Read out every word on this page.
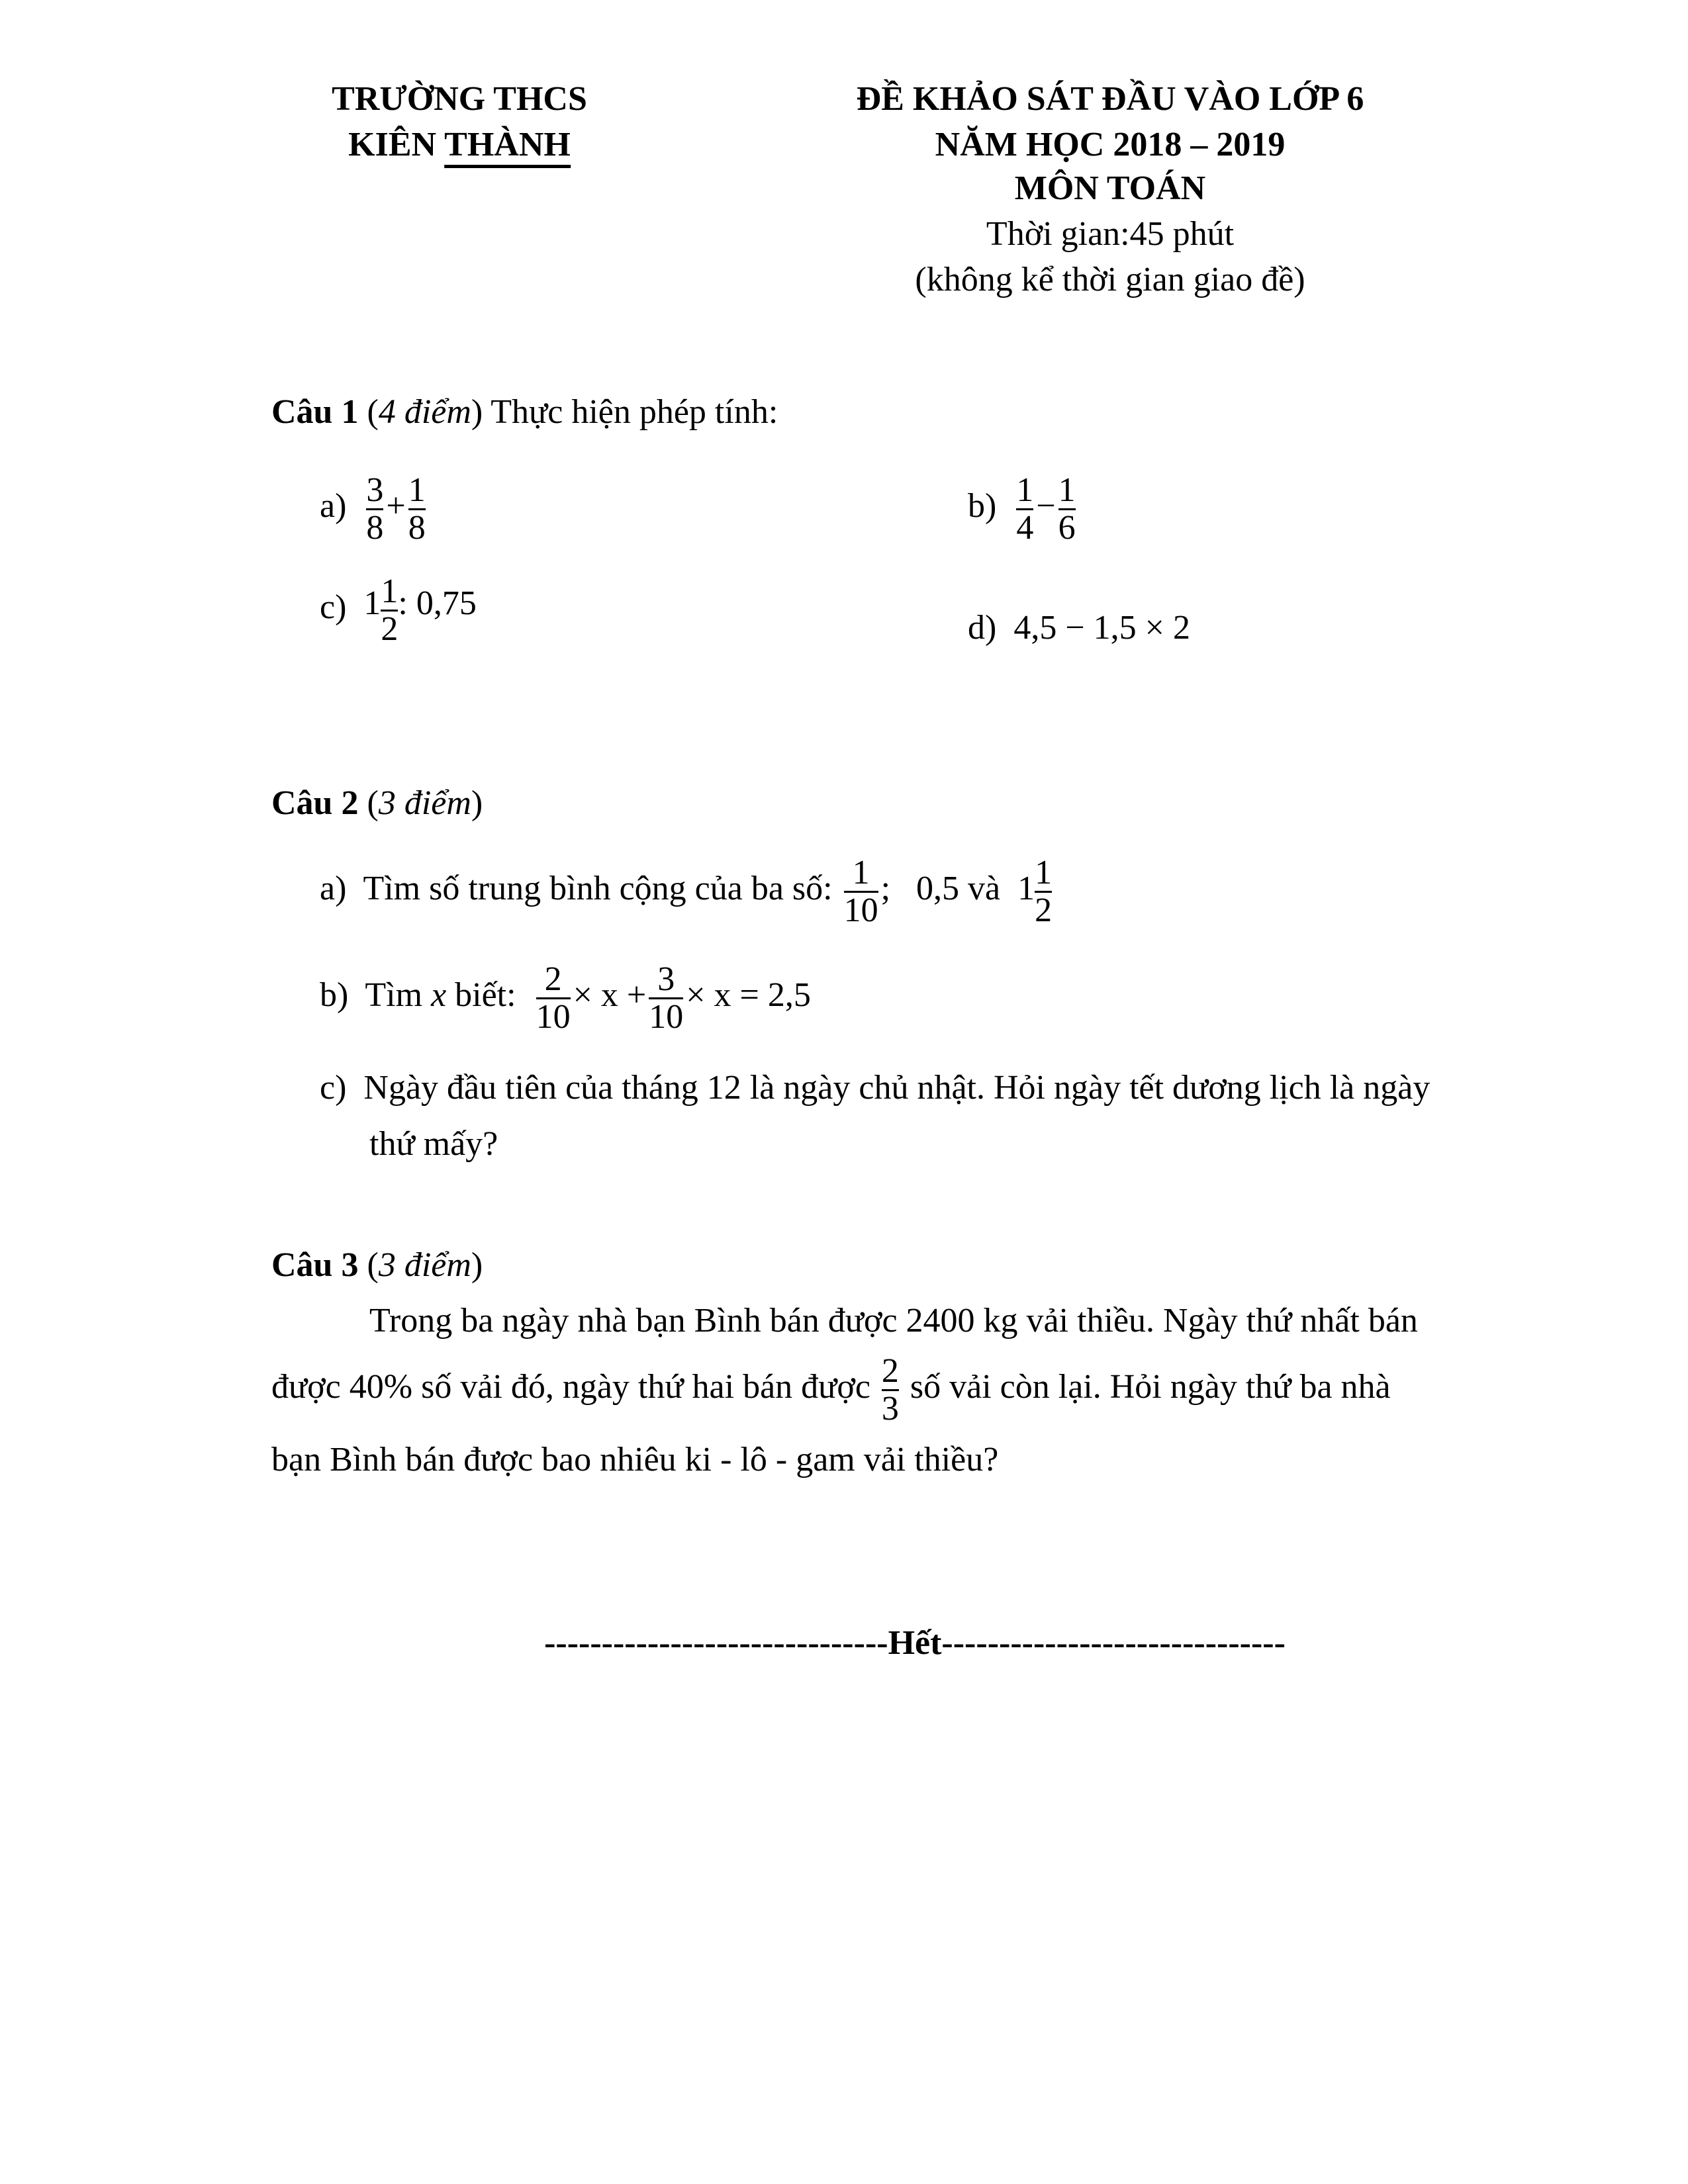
TRƯỜNG THCS
KIÊN THÀNH
ĐỀ KHẢO SÁT ĐẦU VÀO LỚP 6
NĂM HỌC 2018 – 2019
MÔN TOÁN
Thời gian:45 phút
(không kể thời gian giao đề)
Câu 1 (4 điểm) Thực hiện phép tính:
$a) \frac{3}{8} + \frac{1}{8}$	$b) \frac{1}{4} - \frac{1}{6}$
c) $1 \frac{1}{2}$ : 0,75
d) 4,5 − 1,5 × 2
Câu 2 (3 điểm)
a) Tìm số trung bình cộng của ba số: $\frac{1}{10}$ ; 0,5 và $1 \frac{1}{2}$
b) Tìm x biết: $\frac{2}{10} \times x + \frac{3}{10} \times x = 2,5$
c) Ngày đầu tiên của tháng 12 là ngày chủ nhật. Hỏi ngày tết dương lịch là ngày
thứ mấy?
Câu 3 (3 điểm)
Trong ba ngày nhà bạn Bình bán được 2400 kg vải thiều. Ngày thứ nhất bán
được 40% số vải đó, ngày thứ hai bán được $\frac{2}{3}$ số vải còn lại. Hỏi ngày thứ ba nhà
bạn Bình bán được bao nhiêu ki - lô - gam vải thiều?
------------------------------Hết------------------------------
